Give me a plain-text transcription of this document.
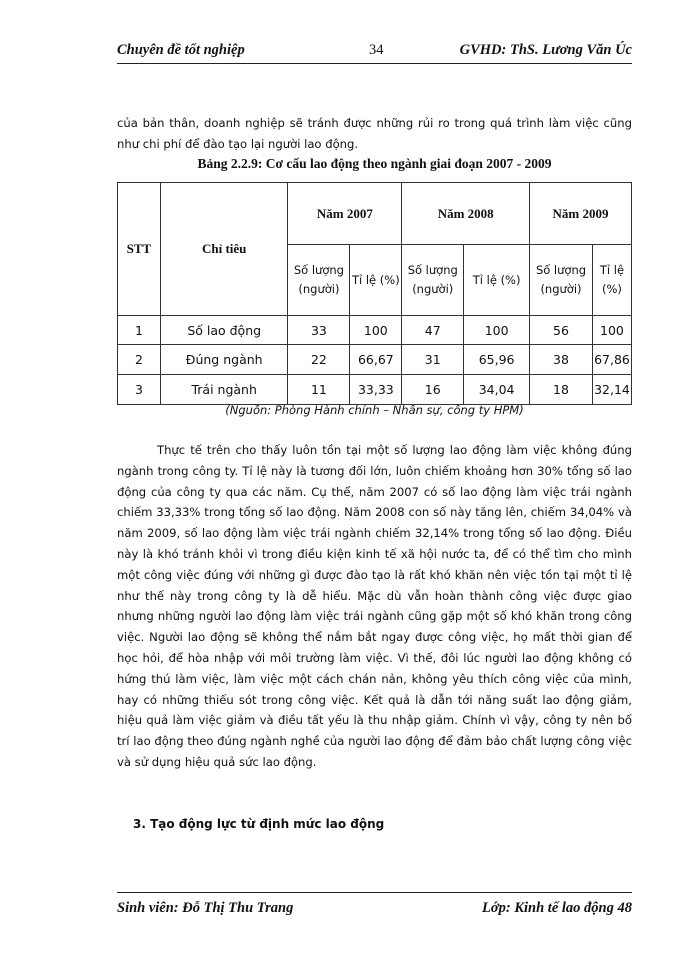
Chuyên đề tốt nghiệp	34	GVHD: ThS. Lương Văn Úc
của bản thân, doanh nghiệp sẽ tránh được những rủi ro trong quá trình làm việc cũng như chi phí để đào tạo lại người lao động.
Bảng 2.2.9: Cơ cấu lao động theo ngành giai đoạn 2007 - 2009
STT	Chỉ tiêu	Năm 2007		Năm 2008		Năm 2009	
		Số lượng (người)	Tỉ lệ (%)	Số lượng (người)	Tỉ lệ (%)	Số lượng (người)	Tỉ lệ (%)
1	Số lao động	33	100	47	100	56	100
2	Đúng ngành	22	66,67	31	65,96	38	67,86
3	Trái ngành	11	33,33	16	34,04	18	32,14
(Nguồn: Phòng Hành chính – Nhân sự, công ty HPM)
Thực tế trên cho thấy luôn tồn tại một số lượng lao động làm việc không đúng ngành trong công ty. Tỉ lệ này là tương đối lớn, luôn chiếm khoảng hơn 30% tổng số lao động của công ty qua các năm. Cụ thể, năm 2007 có số lao động làm việc trái ngành chiếm 33,33% trong tổng số lao động. Năm 2008 con số này tăng lên, chiếm 34,04% và năm 2009, số lao động làm việc trái ngành chiếm 32,14% trong tổng số lao động. Điều này là khó tránh khỏi vì trong điều kiện kinh tế xã hội nước ta, để có thể tìm cho mình một công việc đúng với những gì được đào tạo là rất khó khăn nên việc tồn tại một tỉ lệ như thế này trong công ty là dễ hiểu. Mặc dù vẫn hoàn thành công việc được giao nhưng những người lao động làm việc trái ngành cũng gặp một số khó khăn trong công việc. Người lao động sẽ không thể nắm bắt ngay được công việc, họ mất thời gian để học hỏi, để hòa nhập với môi trường làm việc. Vì thế, đôi lúc người lao động không có hứng thú làm việc, làm việc một cách chán nản, không yêu thích công việc của mình, hay có những thiếu sót trong công việc. Kết quả là dẫn tới năng suất lao động giảm, hiệu quả làm việc giảm và điều tất yếu là thu nhập giảm. Chính vì vậy, công ty nên bố trí lao động theo đúng ngành nghề của người lao động để đảm bảo chất lượng công việc và sử dụng hiệu quả sức lao động.
3. Tạo động lực từ định mức lao động
Sinh viên: Đỗ Thị Thu Trang	Lớp: Kinh tế lao động 48
